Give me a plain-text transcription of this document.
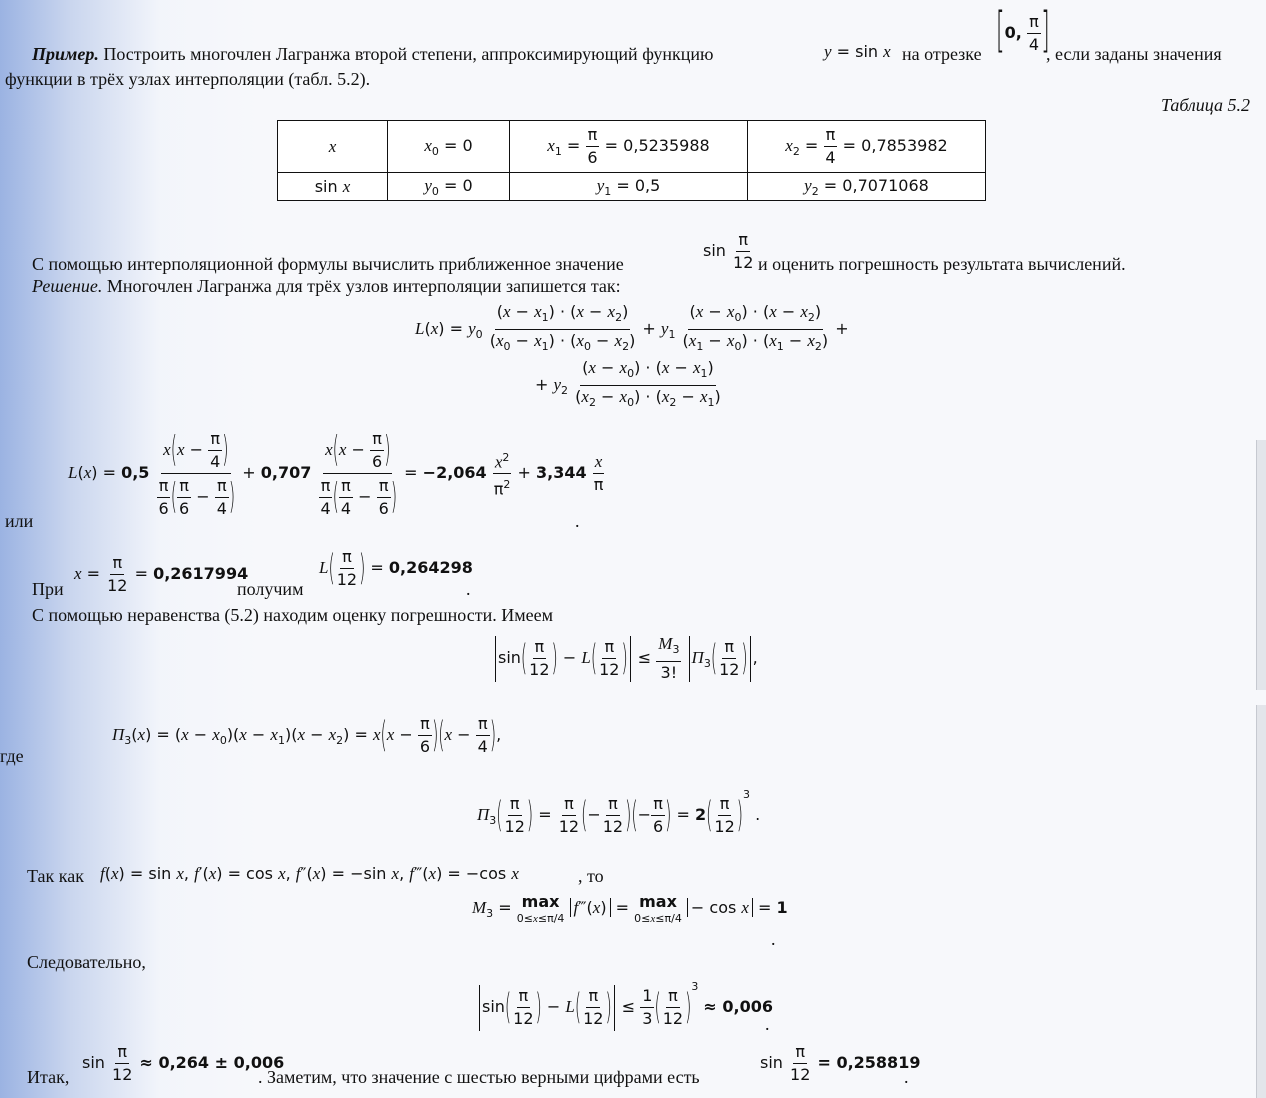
Пример. Построить многочлен Лагранжа второй степени, аппроксимирующий функцию	y = sin x на отрезке [0, $\frac{\pi}{4}$ ]
, если заданы значения
функции в трёх узлах интерполяции (табл. 5.2).
Таблица 5.2
x	$x_0 = 0$	$x_1 = \frac{\pi}{6} = 0,5235988$	$x_2 = \frac{\pi}{4} = 0,7853982$
sin x	$y_0 = 0$	$y_1 = 0,5$	$y_2 = 0,7071068$
С помощью интерполяционной формулы вычислить приближенное значение
$\sin \frac{\pi}{12}$ и оценить погрешность результата вычислений.
Решение. Многочлен Лагранжа для трёх узлов интерполяции запишется так:
$L(x) = y_0 \frac{(x - x_1) \cdot (x - x_2)}{(x_0 - x_1) \cdot (x_0 - x_2)} + y_1 \frac{(x - x_0) \cdot (x - x_2)}{(x_1 - x_0) \cdot (x_1 - x_2)}$ +
+ $y_2 \frac{(x - x_0) \cdot (x - x_1)}{(x_2 - x_0) \cdot (x_2 - x_1)}$
$L(x) = 0,5 \frac{x(x - \frac{\pi}{4} )}{\frac{\pi}{6} ( \frac{\pi}{6} - \frac{\pi}{4} )} + 0,707 \frac{x(x - \frac{\pi}{6} )}{\frac{\pi}{4} ( \frac{\pi}{4} - \frac{\pi}{6} )} = -2,064 \frac{x^2}{\pi^2} + 3,344 \frac{x}{\pi}$
или	.
При
$x = \frac{\pi}{12} = 0,2617994$
получим
$L( \frac{\pi}{12}$ ) = 0,264298
.
С помощью неравенства (5.2) находим оценку погрешности. Имеем
$\sin( \frac{\pi}{12}$ ) − $L( \frac{\pi}{12}$ ) ≤ $\frac{M_3}{3!} П_3( \frac{\pi}{12}$ ) ,
где
$П_3(x) = (x - x_0)(x - x_1)(x - x_2) = x(x - \frac{\pi}{6} )(x - \frac{\pi}{4}$ ),
$П_3( \frac{\pi}{12}$ ) = $\frac{\pi}{12}$ (− $\frac{\pi}{12}$ )(− $\frac{\pi}{6}$ ) = $2( \frac{\pi}{12} )^3$ .
Так как f(x) = sin x, f′(x) = cos x, f″(x) = −sin x, f‴(x) = −cos x	, то
$M_3 = \max$
0≤x≤π/4
f‴(x) = max
0≤x≤π/4
− cos x = 1
.
Следовательно,
$\sin( \frac{\pi}{12}$ ) − $L( \frac{\pi}{12}$ ) ≤ $\frac{1}{3}$ ( $\frac{\pi}{12} )^3 \approx 0,006$
.
Итак,
$\sin \frac{\pi}{12} \approx 0,264 \pm 0,006$
. Заметим, что значение с шестью верными цифрами есть
$\sin \frac{\pi}{12} = 0,258819$
.
